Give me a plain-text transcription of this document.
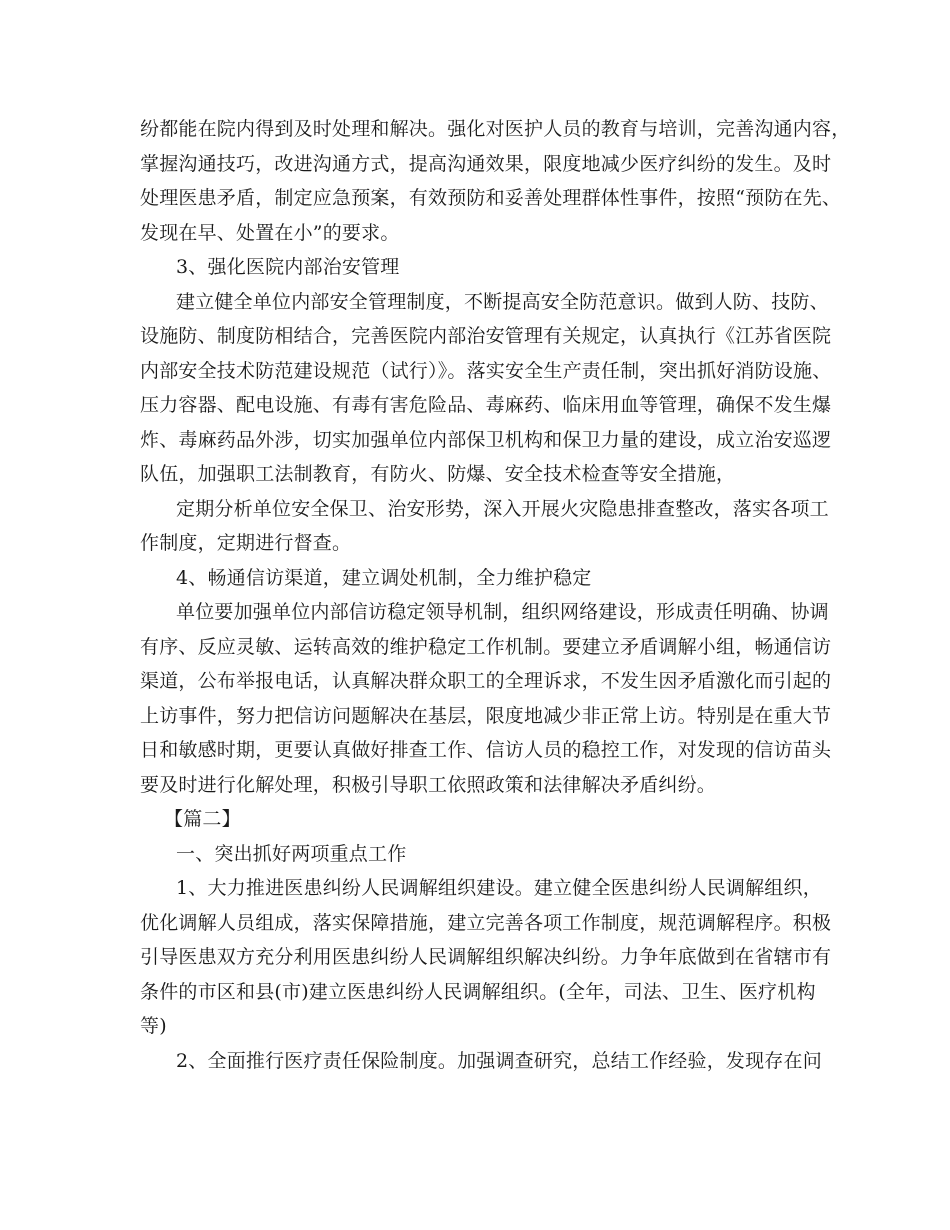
纷都能在院内得到及时处理和解决。强化对医护人员的教育与培训，完善沟通内容，
掌握沟通技巧，改进沟通方式，提高沟通效果，限度地减少医疗纠纷的发生。及时
处理医患矛盾，制定应急预案，有效预防和妥善处理群体性事件，按照“预防在先、
发现在早、处置在小”的要求。
3、强化医院内部治安管理
建立健全单位内部安全管理制度，不断提高安全防范意识。做到人防、技防、
设施防、制度防相结合，完善医院内部治安管理有关规定，认真执行《江苏省医院
内部安全技术防范建设规范（试行）》。落实安全生产责任制，突出抓好消防设施、
压力容器、配电设施、有毒有害危险品、毒麻药、临床用血等管理，确保不发生爆
炸、毒麻药品外涉，切实加强单位内部保卫机构和保卫力量的建设，成立治安巡逻
队伍，加强职工法制教育，有防火、防爆、安全技术检查等安全措施，
定期分析单位安全保卫、治安形势，深入开展火灾隐患排查整改，落实各项工
作制度，定期进行督查。
4、畅通信访渠道，建立调处机制，全力维护稳定
单位要加强单位内部信访稳定领导机制，组织网络建设，形成责任明确、协调
有序、反应灵敏、运转高效的维护稳定工作机制。要建立矛盾调解小组，畅通信访
渠道，公布举报电话，认真解决群众职工的全理诉求，不发生因矛盾激化而引起的
上访事件，努力把信访问题解决在基层，限度地减少非正常上访。特别是在重大节
日和敏感时期，更要认真做好排查工作、信访人员的稳控工作，对发现的信访苗头
要及时进行化解处理，积极引导职工依照政策和法律解决矛盾纠纷。
【篇二】
一、突出抓好两项重点工作
1、大力推进医患纠纷人民调解组织建设。建立健全医患纠纷人民调解组织，
优化调解人员组成，落实保障措施，建立完善各项工作制度，规范调解程序。积极
引导医患双方充分利用医患纠纷人民调解组织解决纠纷。力争年底做到在省辖市有
条件的市区和县(市)建立医患纠纷人民调解组织。(全年，司法、卫生、医疗机构
等)
2、全面推行医疗责任保险制度。加强调查研究，总结工作经验，发现存在问
